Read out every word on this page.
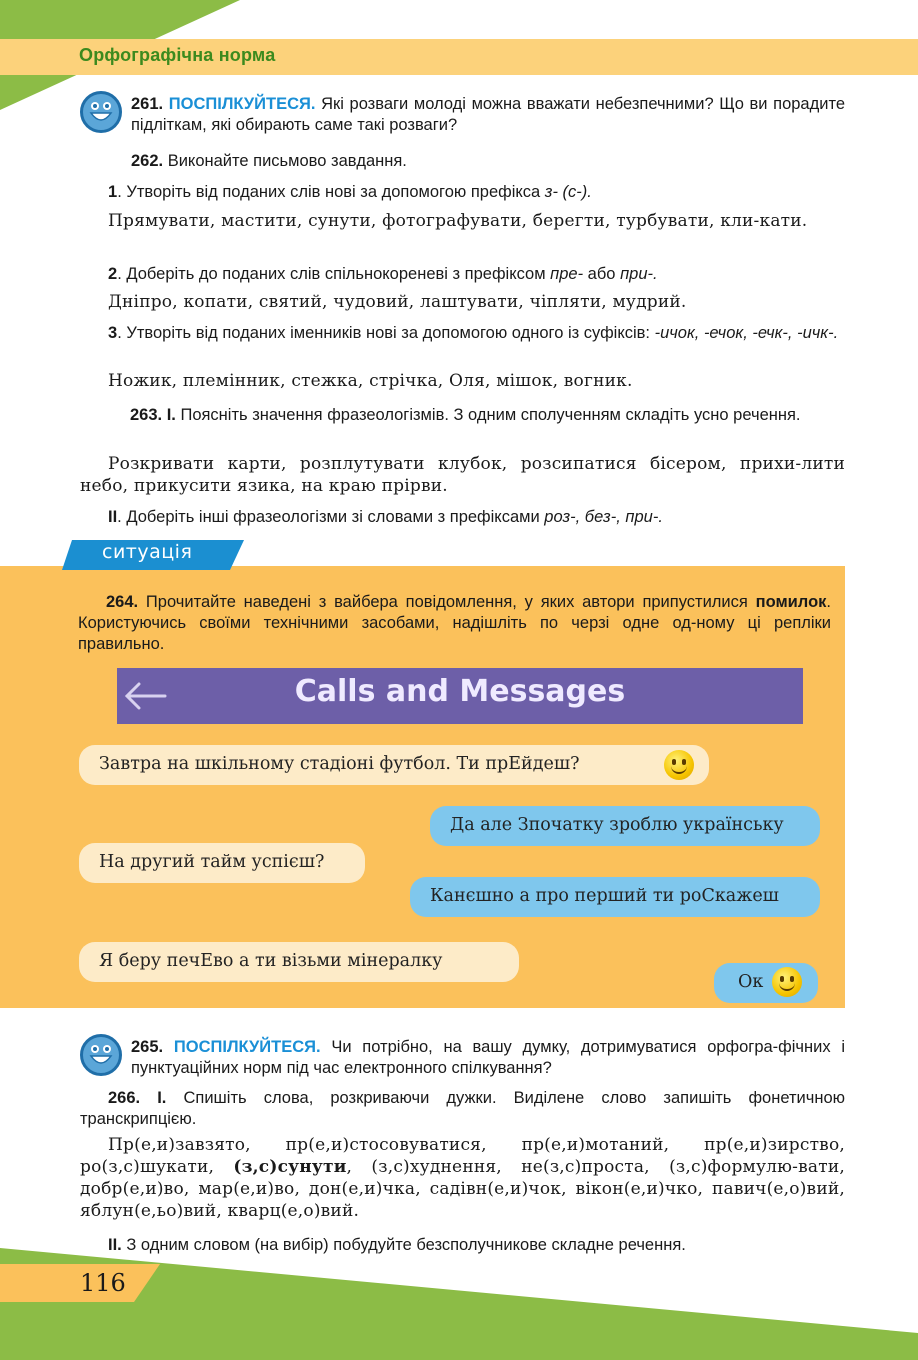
Орфографічна норма
261. ПОСПІЛКУЙТЕСЯ. Які розваги молоді можна вважати небезпечними? Що ви порадите підліткам, які обирають саме такі розваги?
262. Виконайте письмово завдання.
1. Утворіть від поданих слів нові за допомогою префікса з- (с-).
Прямувати, мастити, сунути, фотографувати, берегти, турбувати, кли-кати.
2. Доберіть до поданих слів спільнокореневі з префіксом пре- або при-.
Дніпро, копати, святий, чудовий, лаштувати, чіпляти, мудрий.
3. Утворіть від поданих іменників нові за допомогою одного із суфіксів: -ичок, -ечок, -ечк-, -ичк-.
Ножик, племінник, стежка, стрічка, Оля, мішок, вогник.
263. І. Поясніть значення фразеологізмів. З одним сполученням складіть усно речення.
Розкривати карти, розплутувати клубок, розсипатися бісером, прихи-лити небо, прикусити язика, на краю прірви.
ІІ. Доберіть інші фразеологізми зі словами з префіксами роз-, без-, при-.
ситуація
264. Прочитайте наведені з вайбера повідомлення, у яких автори припустилися помилок. Користуючись своїми технічними засобами, надішліть по черзі одне од-ному ці репліки правильно.
Calls and Messages
Завтра на шкільному стадіоні футбол. Ти прЕйдеш?
Да але Зпочатку зроблю українську
На другий тайм успієш?
Канєшно а про перший ти роСкажеш
Я беру печЕво а ти візьми мінералку
Ок
265. ПОСПІЛКУЙТЕСЯ. Чи потрібно, на вашу думку, дотримуватися орфогра-фічних і пунктуаційних норм під час електронного спілкування?
266. І. Спишіть слова, розкриваючи дужки. Виділене слово запишіть фонетичною транскрипцією.
Пр(е,и)завзято, пр(е,и)стосовуватися, пр(е,и)мотаний, пр(е,и)зирство, ро(з,с)шукати, (з,с)сунути, (з,с)худнення, не(з,с)проста, (з,с)формулю-вати, добр(е,и)во, мар(е,и)во, дон(е,и)чка, садівн(е,и)чок, вікон(е,и)чко, павич(е,о)вий, яблун(е,ьо)вий, кварц(е,о)вий.
ІІ. З одним словом (на вибір) побудуйте безсполучникове складне речення.
116
